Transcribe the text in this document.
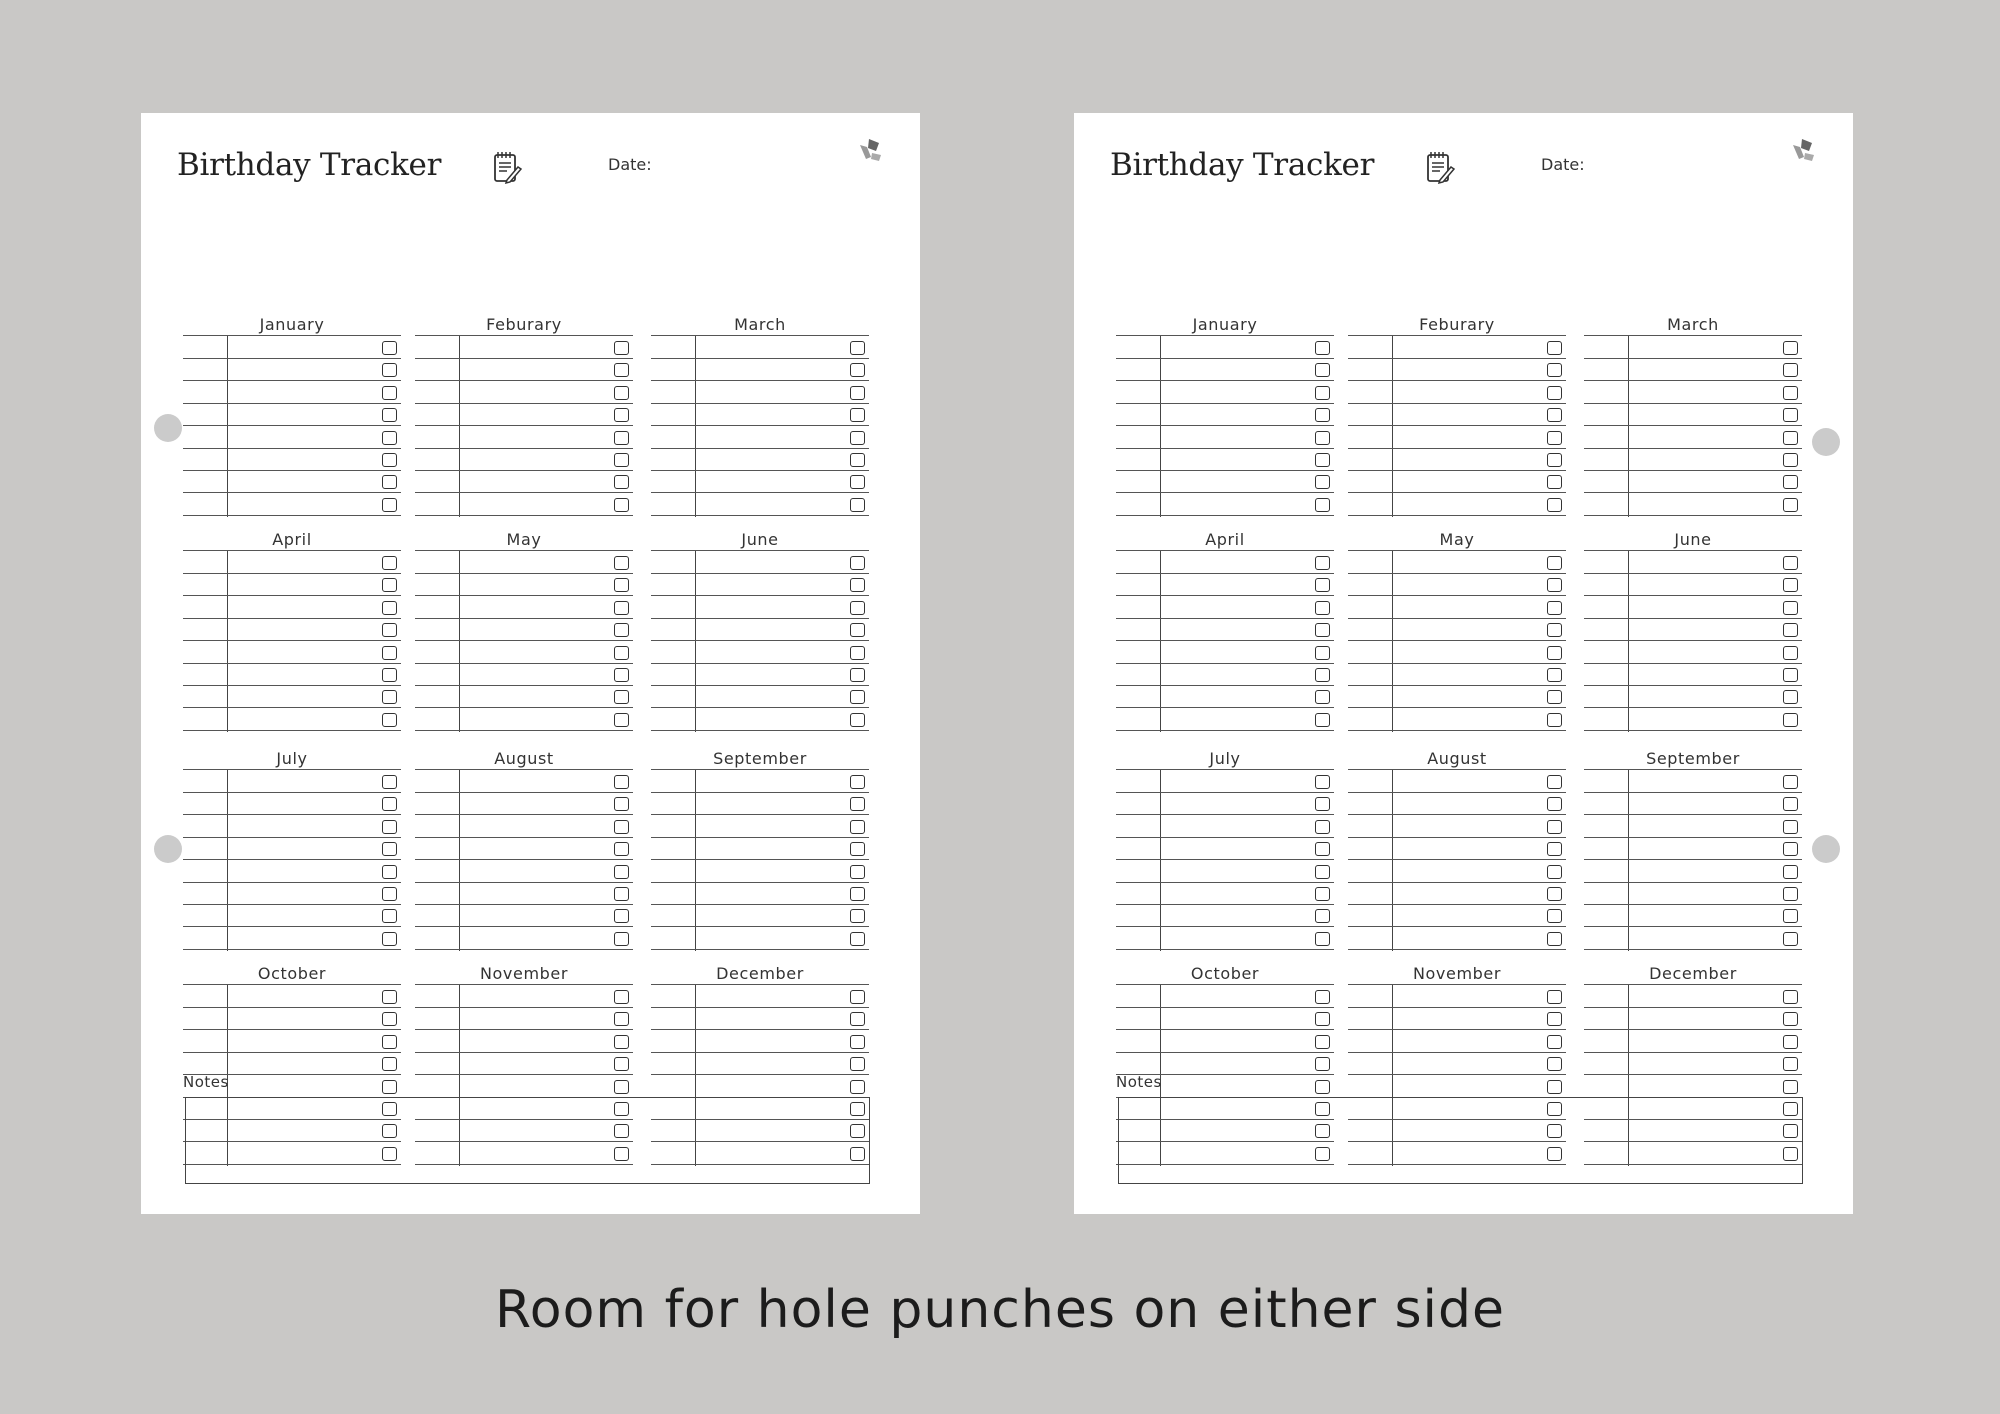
Birthday Tracker	Date:
January	Feburary	March
April	May	June
July	August	September
October	November	December
Notes
Birthday Tracker	Date:
January	Feburary	March
April	May	June
July	August	September
October	November	December
Notes
Room for hole punches on either side
